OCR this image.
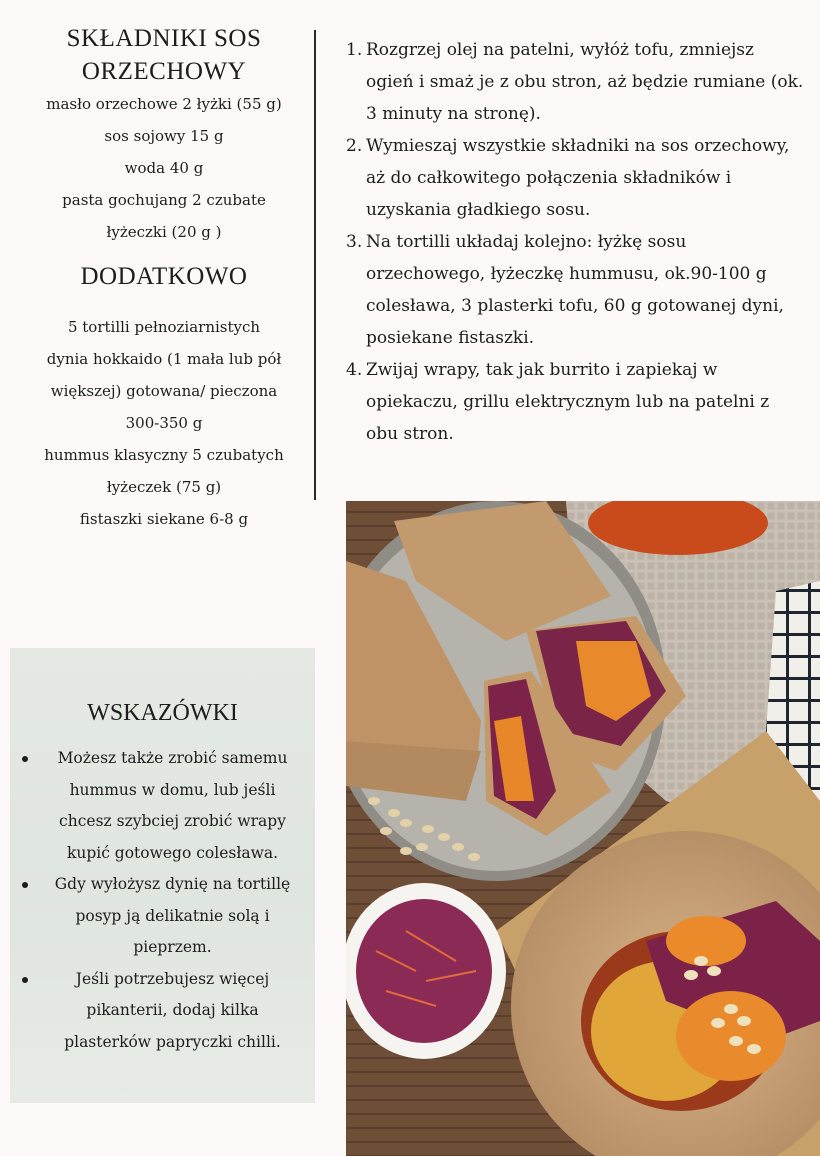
SKŁADNIKI SOS ORZECHOWY
masło orzechowe 2 łyżki (55 g)
sos sojowy 15 g
woda 40 g
pasta gochujang 2 czubate
łyżeczki (20 g )
DODATKOWO
5 tortilli pełnoziarnistych
dynia hokkaido (1 mała lub pół
większej) gotowana/ pieczona
300-350 g
hummus klasyczny 5 czubatych
łyżeczek (75 g)
fistaszki siekane 6-8 g
1. Rozgrzej olej na patelni, wyłóż tofu, zmniejsz ogień i smaż je z obu stron, aż będzie rumiane (ok. 3 minuty na stronę).
2. Wymieszaj wszystkie składniki na sos orzechowy, aż do całkowitego połączenia składników i uzyskania gładkiego sosu.
3. Na tortilli układaj kolejno: łyżkę sosu orzechowego, łyżeczkę hummusu, ok.90-100 g colesława, 3 plasterki tofu, 60 g gotowanej dyni, posiekane fistaszki.
4. Zwijaj wrapy, tak jak burrito i zapiekaj w opiekaczu, grillu elektrycznym lub na patelni z obu stron.
WSKAZÓWKI
Możesz także zrobić samemu hummus w domu, lub jeśli chcesz szybciej zrobić wrapy kupić gotowego colesława.
Gdy wyłożysz dynię na tortillę posyp ją delikatnie solą i pieprzem.
Jeśli potrzebujesz więcej pikanterii, dodaj kilka plasterków papryczki chilli.
